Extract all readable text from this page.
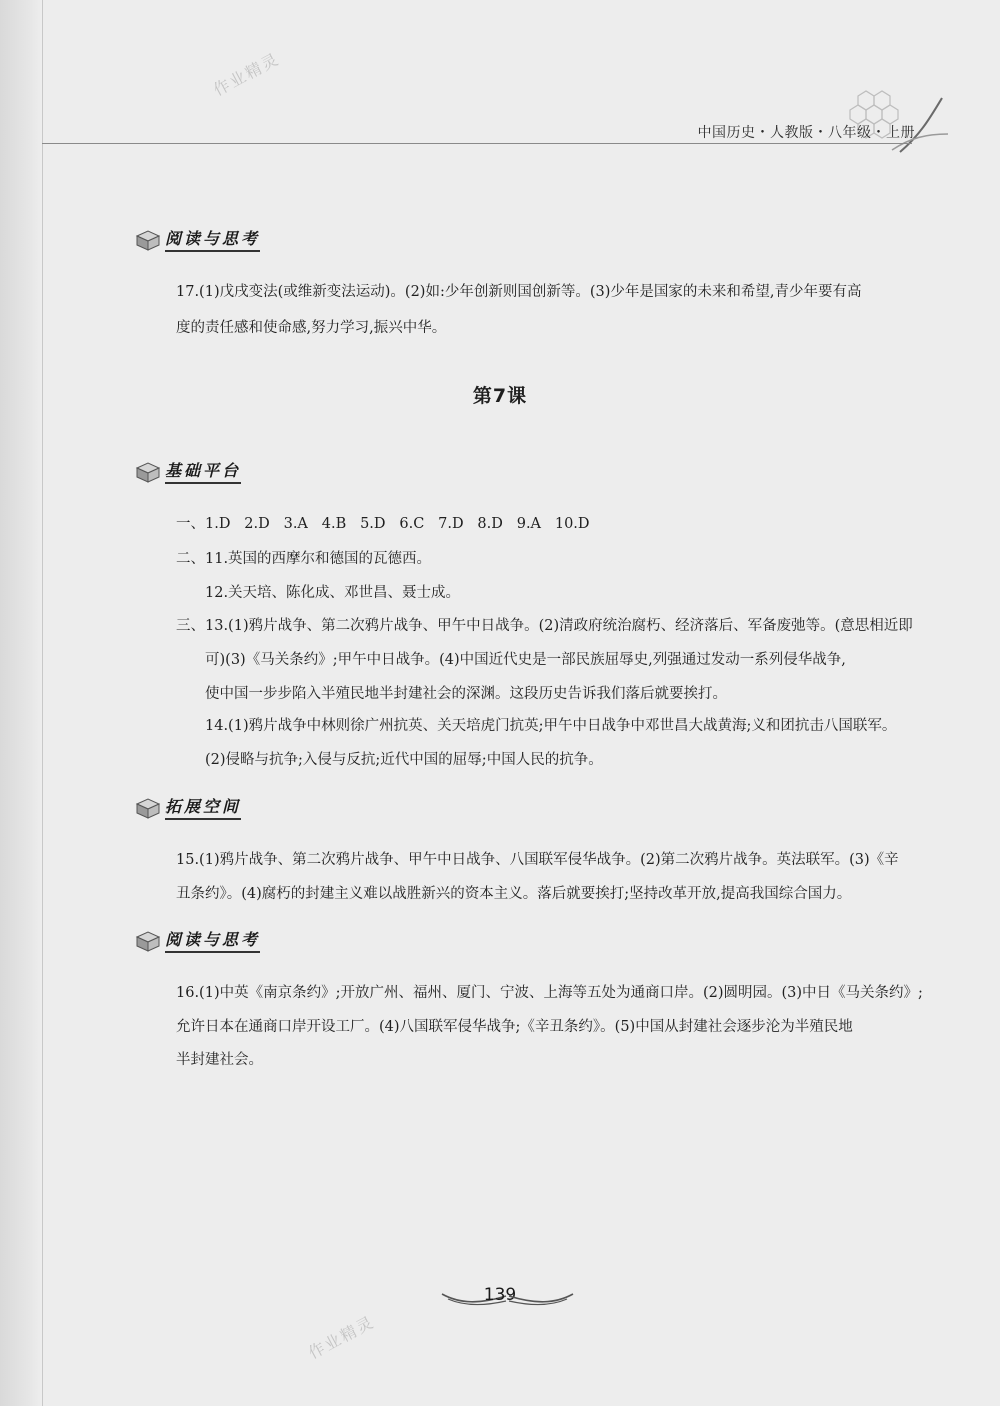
中国历史・人教版・八年级・上册
作业精灵
作业精灵
阅读与思考
17.(1)戊戌变法(或维新变法运动)。(2)如:少年创新则国创新等。(3)少年是国家的未来和希望,青少年要有高
度的责任感和使命感,努力学习,振兴中华。
第7课
基础平台
一、1.D 2.D 3.A 4.B 5.D 6.C 7.D 8.D 9.A 10.D
二、11.英国的西摩尔和德国的瓦德西。
12.关天培、陈化成、邓世昌、聂士成。
三、13.(1)鸦片战争、第二次鸦片战争、甲午中日战争。(2)清政府统治腐朽、经济落后、军备废弛等。(意思相近即
可)(3)《马关条约》;甲午中日战争。(4)中国近代史是一部民族屈辱史,列强通过发动一系列侵华战争,
使中国一步步陷入半殖民地半封建社会的深渊。这段历史告诉我们落后就要挨打。
14.(1)鸦片战争中林则徐广州抗英、关天培虎门抗英;甲午中日战争中邓世昌大战黄海;义和团抗击八国联军。
(2)侵略与抗争;入侵与反抗;近代中国的屈辱;中国人民的抗争。
拓展空间
15.(1)鸦片战争、第二次鸦片战争、甲午中日战争、八国联军侵华战争。(2)第二次鸦片战争。英法联军。(3)《辛
丑条约》。(4)腐朽的封建主义难以战胜新兴的资本主义。落后就要挨打;坚持改革开放,提高我国综合国力。
阅读与思考
16.(1)中英《南京条约》;开放广州、福州、厦门、宁波、上海等五处为通商口岸。(2)圆明园。(3)中日《马关条约》;
允许日本在通商口岸开设工厂。(4)八国联军侵华战争;《辛丑条约》。(5)中国从封建社会逐步沦为半殖民地
半封建社会。
139
